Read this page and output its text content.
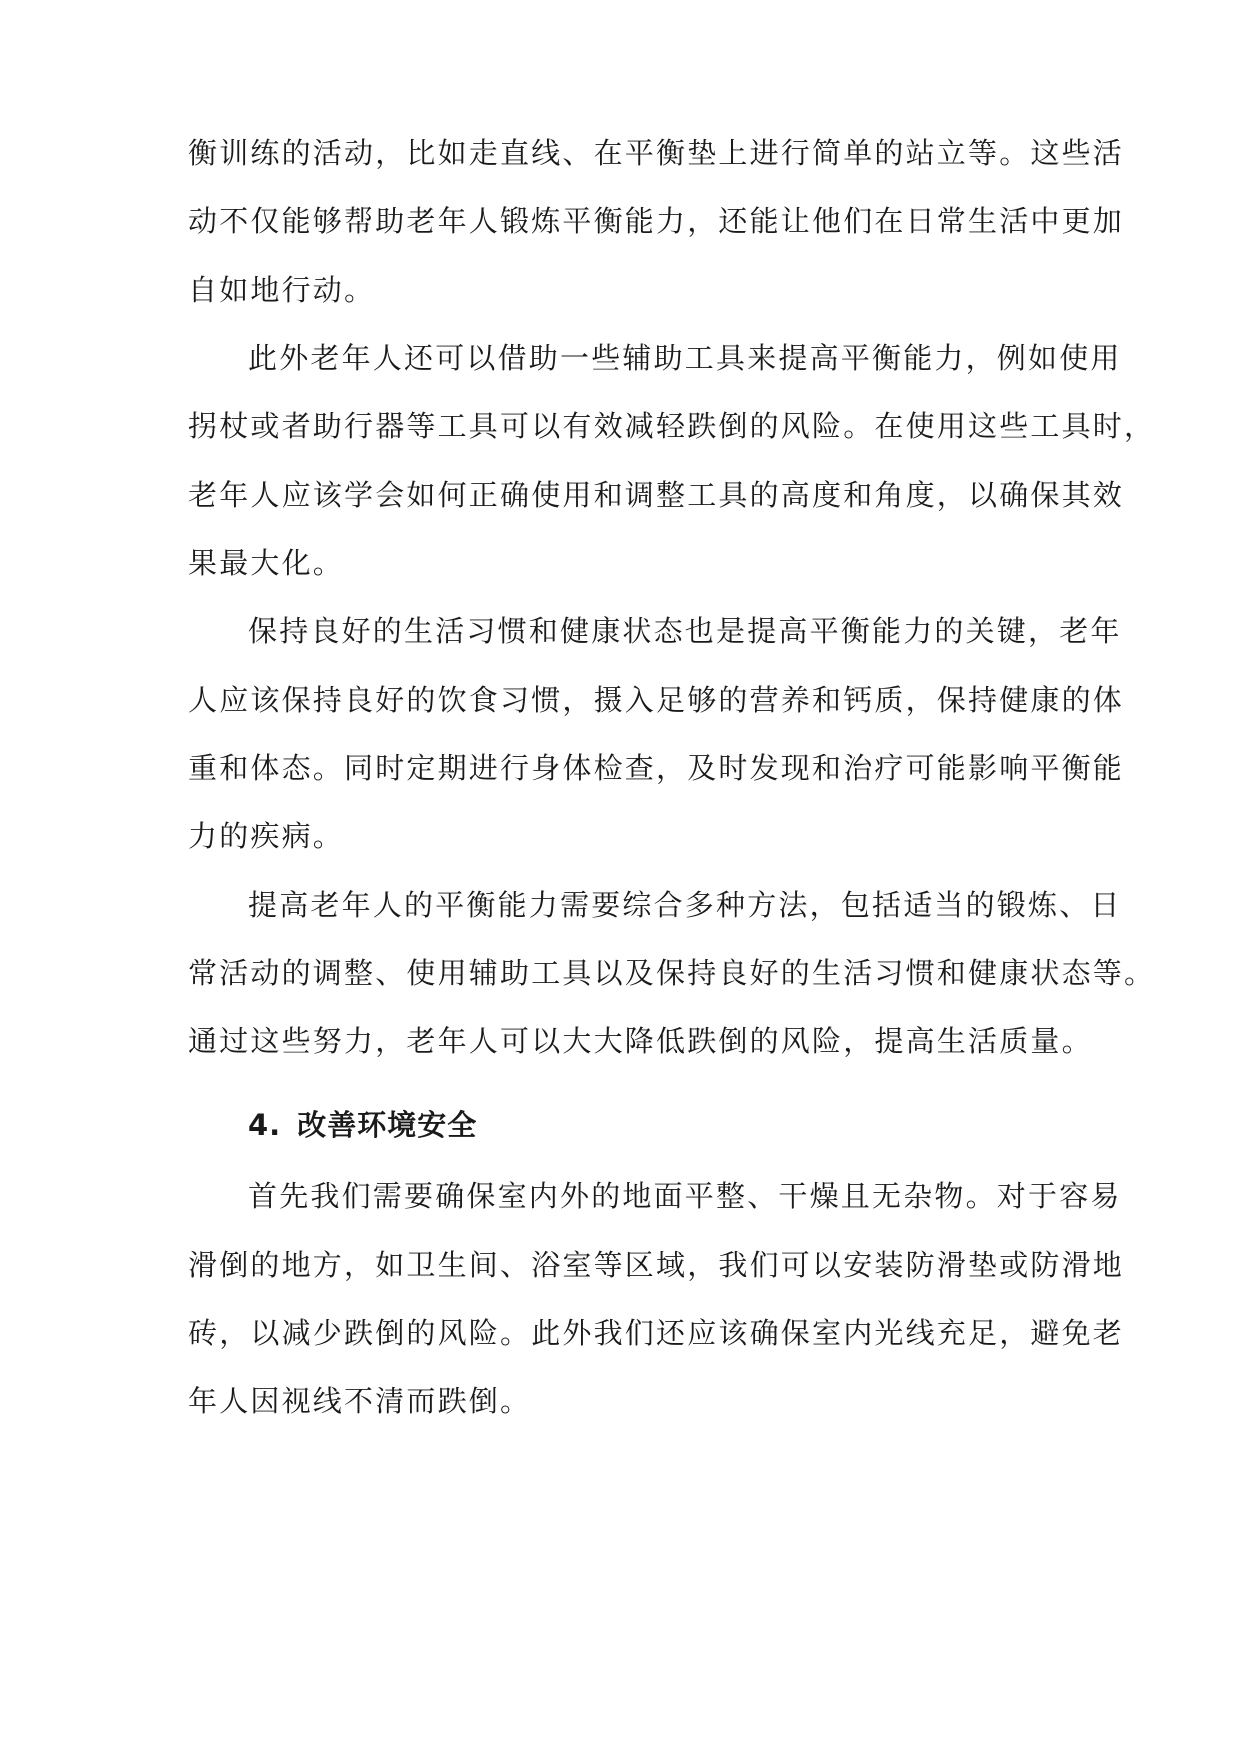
衡训练的活动，比如走直线、在平衡垫上进行简单的站立等。这些活
动不仅能够帮助老年人锻炼平衡能力，还能让他们在日常生活中更加
自如地行动。
此外老年人还可以借助一些辅助工具来提高平衡能力，例如使用
拐杖或者助行器等工具可以有效减轻跌倒的风险。在使用这些工具时，
老年人应该学会如何正确使用和调整工具的高度和角度，以确保其效
果最大化。
保持良好的生活习惯和健康状态也是提高平衡能力的关键，老年
人应该保持良好的饮食习惯，摄入足够的营养和钙质，保持健康的体
重和体态。同时定期进行身体检查，及时发现和治疗可能影响平衡能
力的疾病。
提高老年人的平衡能力需要综合多种方法，包括适当的锻炼、日
常活动的调整、使用辅助工具以及保持良好的生活习惯和健康状态等。
通过这些努力，老年人可以大大降低跌倒的风险，提高生活质量。
4. 改善环境安全
首先我们需要确保室内外的地面平整、干燥且无杂物。对于容易
滑倒的地方，如卫生间、浴室等区域，我们可以安装防滑垫或防滑地
砖，以减少跌倒的风险。此外我们还应该确保室内光线充足，避免老
年人因视线不清而跌倒。
